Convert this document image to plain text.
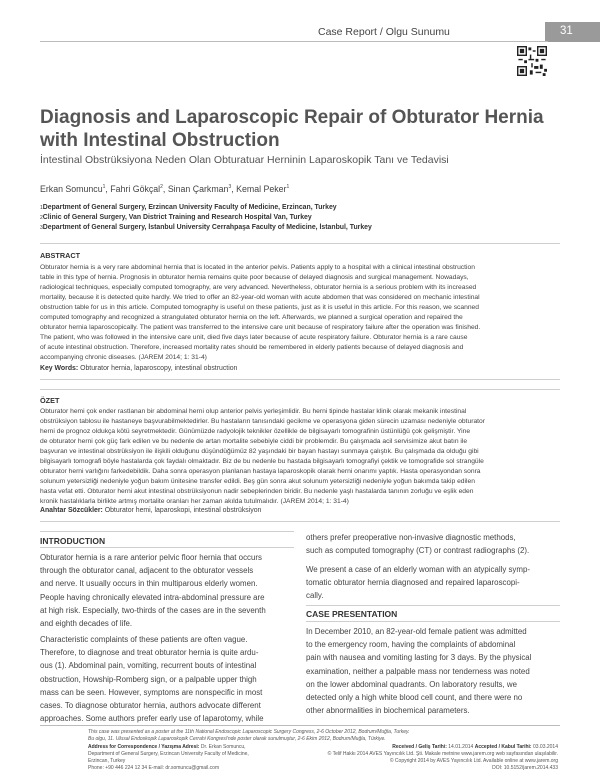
Case Report / Olgu Sunumu	31
Diagnosis and Laparoscopic Repair of Obturator Hernia with Intestinal Obstruction
İntestinal Obstrüksiyona Neden Olan Obturatuar Herninin Laparoskopik Tanı ve Tedavisi
Erkan Somuncu$^1$, Fahri Gökçal$^2$, Sinan Çarkman$^3$, Kemal Peker$^1$
$^1$Department of General Surgery, Erzincan University Faculty of Medicine, Erzincan, Turkey
$^2$Clinic of General Surgery, Van District Training and Research Hospital Van, Turkey
$^3$Department of General Surgery, İstanbul University Cerrahpaşa Faculty of Medicine, İstanbul, Turkey
ABSTRACT
Obturator hernia is a very rare abdominal hernia that is located in the anterior pelvis. Patients apply to a hospital with a clinical intestinal obstruction
table in this type of hernia. Prognosis in obturator hernia remains quite poor because of delayed diagnosis and surgical management. Nowadays,
radiological techniques, especially computed tomography, are very advanced. Nevertheless, obturator hernia is a serious problem with its increased
mortality, because it is detected quite hardly. We tried to offer an 82-year-old woman with acute abdomen that was considered on mechanic intestinal
obstruction table for us in this article. Computed tomography is useful on these patients, just as it is useful in this article. For this reason, we scanned
computed tomography and recognized a strangulated obturator hernia on the left. Afterwards, we planned a surgical operation and repaired the
obturator hernia laparoscopically. The patient was transferred to the intensive care unit because of respiratory failure after the operation was finished.
The patient, who was followed in the intensive care unit, died five days later because of acute respiratory failure. Obturator hernia is a rare cause
of acute intestinal obstruction. Therefore, increased mortality rates should be remembered in elderly patients because of delayed diagnosis and
accompanying chronic diseases. (JAREM 2014; 1: 31-4)
Key Words: Obturator hernia, laparoscopy, intestinal obstruction
ÖZET
Obturator hemi çok ender rastlanan bir abdominal herni olup anterior pelvis yerleşimlidir. Bu herni tipinde hastalar klinik olarak mekanik intestinal
obstrüksiyon tablosu ile hastaneye başvurabilmektedirler. Bu hastaların tanısındaki gecikme ve operasyona giden sürecin uzaması nedeniyle obturator
herni de prognoz oldukça kötü seyretmektedir. Günümüzde radyolojik teknikler özellikle de bilgisayarlı tomografinin üstünlüğü çok gelişmiştir. Yine
de obturator herni çok güç fark edilen ve bu nedenle de artan mortalite sebebiyle ciddi bir problemdir. Bu çalışmada acil servisimize akut batın ile
başvuran ve intestinal obstrüksiyon ile ilişkili olduğunu düşündüğümüz 82 yaşındaki bir bayan hastayı sunmaya çalıştık. Bu çalışmada da olduğu gibi
bilgisayarlı tomografi böyle hastalarda çok faydalı olmaktadır. Biz de bu nedenle bu hastada bilgisayarlı tomografiyi çektik ve tomografide sol strangüle
obturator herni varlığını farkedebildik. Daha sonra operasyon planlanan hastaya laparoskopik olarak herni onarımı yaptık. Hasta operasyondan sonra
solunum yetersizliği nedeniyle yoğun bakım ünitesine transfer edildi. Beş gün sonra akut solunum yetersizliği nedeniyle yoğun bakımda takip edilen
hasta vefat etti. Obturator herni akut intestinal obstrüksiyonun nadir sebeplerinden biridir. Bu nedenle yaşlı hastalarda tanının zorluğu ve eşlik eden
kronik hastalıklarla birlikte artmış mortalite oranları her zaman akılda tutulmalıdır. (JAREM 2014; 1: 31-4)
Anahtar Sözcükler: Obturator hemi, laparoskopi, intestinal obstrüksiyon
INTRODUCTION
Obturator hernia is a rare anterior pelvic floor hernia that occurs
through the obturator canal, adjacent to the obturator vessels
and nerve. It usually occurs in thin multiparous elderly women.
People having chronically elevated intra-abdominal pressure are
at high risk. Especially, two-thirds of the cases are in the seventh
and eighth decades of life.
Characteristic complaints of these patients are often vague.
Therefore, to diagnose and treat obturator hernia is quite ardu-
ous (1). Abdominal pain, vomiting, recurrent bouts of intestinal
obstruction, Howship-Romberg sign, or a palpable upper thigh
mass can be seen. However, symptoms are nonspecific in most
cases. To diagnose obturator hernia, authors advocate different
approaches. Some authors prefer early use of laparotomy, while
others prefer preoperative non-invasive diagnostic methods,
such as computed tomography (CT) or contrast radiographs (2).
We present a case of an elderly woman with an atypically symp-
tomatic obturator hernia diagnosed and repaired laparoscopi-
cally.
CASE PRESENTATION
In December 2010, an 82-year-old female patient was admitted
to the emergency room, having the complaints of abdominal
pain with nausea and vomiting lasting for 3 days. By the physical
examination, neither a palpable mass nor tenderness was noted
on the lower abdominal quadrants. On laboratory results, we
detected only a high white blood cell count, and there were no
other abnormalities in biochemical parameters.
This case was presented as a poster at the 11th National Endoscopic Laparoscopic Surgery Congress, 2-6 October 2012, Bodrum/Muğla, Turkey.
Bu olgu, 11. Ulusal Endoskopik Laparoskopik Cerrahi Kongresi'nde poster olarak sunulmuştur, 2-6 Ekim 2012, Bodrum/Muğla, Türkiye.
Address for Correspondence / Yazışma Adresi: Dr. Erkan Somuncu,
Department of General Surgery, Erzincan University Faculty of Medicine,
Erzincan, Turkey
Phone: +90 446 224 12 34 E-mail: dr.somuncu@gmail.com
Received / Geliş Tarihi: 14.01.2014 Accepted / Kabul Tarihi: 03.03.2014
© Telif Hakkı 2014 AVES Yayıncılık Ltd. Şti. Makale metnine www.jarem.org web sayfasından ulaşılabilir.
© Copyright 2014 by AVES Yayıncılık Ltd. Available online at www.jarem.org
DOI: 10.5152/jarem.2014.433
